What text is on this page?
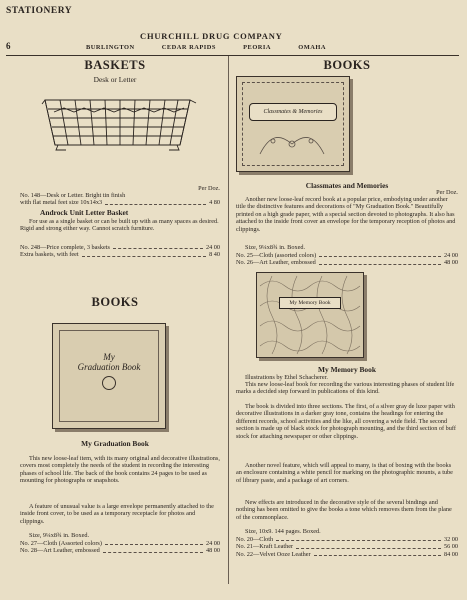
STATIONERY
CHURCHILL DRUG COMPANY
6	BURLINGTON	CEDAR RAPIDS	PEORIA	OMAHA
BASKETS
Desk or Letter
Per Doz.
No. 148—Desk or Letter. Bright tin finish
with flat metal feet size 10x14x3	4 80
Androck Unit Letter Basket
For use as a single basket or can be built up with as many spaces as desired. Rigid and strong either way. Cannot scratch furniture.
No. 248—Price complete, 3 baskets	24 00
Extra baskets, with feet	8 40
BOOKS
My
Graduation Book
My Graduation Book
This new loose-leaf item, with its many original and decorative illustrations, covers most completely the needs of the student in recording the interesting phases of school life. The back of the book contains 24 pages to be used as mounting for photographs or snapshots.
A feature of unusual value is a large envelope permanently attached to the inside front cover, to be used as a temporary receptacle for photos and clippings.
Size, 9¼x8¾ in. Boxed.
No. 27—Cloth (Assorted colors)	24 00
No. 28—Art Leather, embossed	48 00
BOOKS
Classmates & Memories
Classmates and Memories
Per Doz.
Another new loose-leaf record book at a popular price, embodying under another title the distinctive features and decorations of "My Graduation Book." Beautifully printed on a high grade paper, with a special section devoted to photographs. It also has attached to the inside front cover an envelope for the temporary reception of photos and clippings.
Size, 9¼x8¾ in. Boxed.
No. 25—Cloth (assorted colors)	24 00
No. 26—Art Leather, embossed	48 00
My Memory Book
My Memory Book
Illustrations by Ethel Schacherer.
This new loose-leaf book for recording the various interesting phases of student life marks a decided step forward in publications of this kind.
The book is divided into three sections. The first, of a silver gray de luxe paper with decorative illustrations in a darker gray tone, contains the headings for entering the different records, school activities and the like, all covering a wide field. The second section is made up of black stock for photograph mounting, and the third section of buff stock for attaching newspaper or other clippings.
Another novel feature, which will appeal to many, is that of boxing with the books an enclosure containing a white pencil for marking on the photographic mounts, a tube of library paste, and a package of art corners.
New effects are introduced in the decorative style of the several bindings and nothing has been omitted to give the books a tone which removes them from the plane of the commonplace.
Size, 10x9. 144 pages. Boxed.
No. 20—Cloth	32 00
No. 21—Kraft Leather	56 00
No. 22—Velvet Ooze Leather	84 00
